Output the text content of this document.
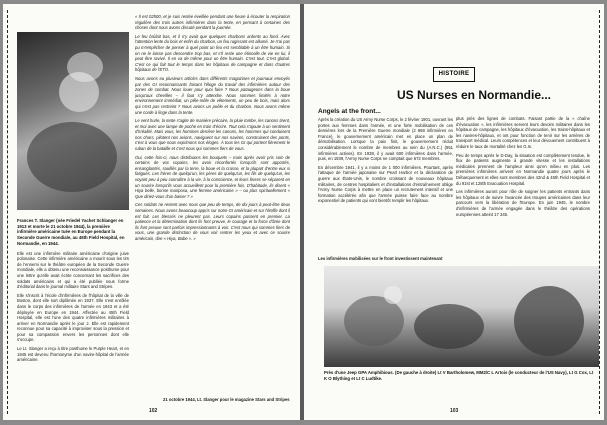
Frances T. Slanger (née Friedel Yachet Schlanger en 1913 et morte le 21 octobre 1944), la première infirmière américaine tuée en Europe pendant la Seconde Guerre mondiale, au 45th Field Hospital, en Normandie, en 1944.

Elle est une infirmière militaire américaine d'origine juive polonaise. Cette infirmière américaine a mourir sous les tirs de l'ennemi sur le théâtre européen de la Seconde Guerre mondiale, elle a obtenu une reconnaissance posthume pour une lettre qu'elle avait écrite concernant les sacrifices des soldats américains et qui a été publiée sous forme d'éditorial dans le journal militaire Stars and Stripes.

Elle s'inscrit à l'école d'infirmières de l'hôpital de la ville de Boston, dont elle sort diplômée en 1937. Elle s'est enrôlée dans le corps des infirmières de l'armée en 1943 et a été déployée en Europe en 1944. Affectée au 45th Field Hospital, elle est l'une des quatre infirmières militaires à arriver en Normandie après le jour J. Elle est rapidement reconnue pour sa capacité à improviser sous la pression et pour sa compassion envers les personnes dont elle s'occupe.

Le Lt. Slanger a reçu à titre posthume le Purple Heart, et en 1945 est devenu l'homonyme d'un navire-hôpital de l'armée américaine.

« Il est 02h00, et je suis restée éveillée pendant une heure à écouter la respiration régulière des trois autres infirmières dans la tente, en pensant à certaines des choses dont nous avons discuté pendant la journée.

Le feu brûlait bas, et il n'y avait que quelques charbons ardents au fond. Avec l'attention lente du bois et enfin du charbon, un feu rugissant est allumé. Je n'ai pas pu m'empêcher de penser à quel point un feu est semblable à un être humain. Si on ne le laisse pas descendre trop bas, et s'il reste une étincelle de vie en lui, il peut être ravivé. Il en va de même pour un être humain. C'est tout. C'est global. C'est ce qui fait tout le temps dans les hôpitaux de campagne et dans d'autres hôpitaux de l'ETO.

Nous avons eu plusieurs articles dans différents magazines et journaux envoyés par des GI reconnaissants faisant l'éloge du travail des infirmières autour des zones de combat. Nous louer pour quoi faire ? Nous pataugeons dans la boue jusqu'aux chevilles – il faut s'y attendre. Nous sommes limités à notre environnement immédiat, un pêle-mêle de vêtements, un peu de bois, mais alors qui n'est pas restreint ? Nous avons un poêle et du charbon. Nous avons même une corde à linge dans la tente.

Le vent hurle, la tente s'agite de manière précaire, la pluie tombe, les canons tirent, et moi avec une lampe de poche en train d'écrire. Tout cela s'ajoute à un sentiment d'irréalité. Mais vous, les hommes derrière les canons, les hommes qui conduisent nos chars, pilotent nos avions, naviguent sur nos navires, construisent des ponts, c'est à vous que nous exprimons nos éloges. À tous les GI qui portent fièrement le ruban de la bataille et c'est nous qui sommes fiers de vous.

Oui, cette fois-ci, nous distribuons les bouquets – mais après avoir pris soin de certains de vos copains, les avoir réconfortés lorsqu'ils sont apportés, ensanglantés, souillés par la terre, la boue et la crasse, et la plupart d'entre eux si fatigués. Les frères de quelqu'un, les pères de quelqu'un, les fils de quelqu'un, les voyant peu à peu connaître à la vie, à la conscience, et leurs lèvres se séparent en un sourire lorsqu'ils vous accueillent pour la première fois. D'habitude, ils disent « Hiya belle, bonne mariposa, une femme américaine » – ou plus spirituellement « Que diriez-vous d'un baiser ? »

Ces soldats ne restent avec nous que peu de temps, de dix jours à peut-être deux semaines. Nous avons beaucoup appris sur notre GI américain et sur l'étoffe dont il est fait. Les blessés ne pleurent pas. Leurs copains passent en premier. La patience et la détermination dont ils font preuve, le courage et la force d'âme dont ils font preuve sont parfois impressionnants à voir. C'est nous qui sommes fiers de vous, une grande distinction de vous voir rentrer les yeux et avec ce sourire américain, dire « Hiya, Babe ». »

21 octobre 1944, Lt. Slanger pour le magazine Stars and Stripes
102
HISTOIRE
US Nurses en Normandie...

Angels at the front...

Après la création du US Army Nurse Corps, le 2 février 1901, ouvrant les portes aux femmes dans l'armée, et une forte mobilisation de ces dernières lors de la Première Guerre mondiale (2 868 infirmières en France), le gouvernement américain met en place un plan de démobilisation. Lorsque la paix finit, le gouvernement réduit considérablement le nombre de membres au sein du (A.N.C.) (951 infirmières actives). En 1938, il y avait 600 infirmières dans l'armée, puis, en 1939, l'Army Nurse Corps ne comptait que 672 membres.

En décembre 1941, il y a moins de 1 000 infirmières. Pourtant, après l'attaque de l'armée japonaise sur Pearl Harbor et la déclaration de guerre aux États-Unis, le nombre croissant de nouveaux hôpitaux militaires, de centres hospitaliers et d'installations d'entraînement oblige l'Army Nurse Corps à mettre en place un recrutement intensif et une formation accélérée afin que l'armée puisse faire face au nombre exponentiel de patients qui vont bientôt remplir les hôpitaux.

plus près des lignes de combats. Faisant partie de la « chaîne d'évacuation », les infirmières servent leurs devoirs militaires dans les hôpitaux de campagne, les hôpitaux d'évacuation, les trains-hôpitaux et les navires-hôpitaux, et ont pour fonction de tenir sur les arrières de transport médical. Leurs compétences et leur dévouement contribuent à réduire le taux de mortalité chez les G.Is.

Peu de temps après le D-Day, la situation est complètement tendue, le flux de patients augmente à grande vitesse et les installations médicales prennent de l'ampleur ainsi qu'en milieu en plus. Les premières infirmières arrivent en Normandie quatre jours après le Débarquement et elles sont membres des 42nd & 45th Field Hospital et du 91st et 128th Evacuation Hospital.

Les infirmières auront pour rôle de soigner les patients entrants dans les hôpitaux et de suivre l'avancée des troupes américaines dans leur parcours vers la libération de l'Europe. En juin 1945, le nombre d'infirmières de l'armée engagée dans le théâtre des opérations européennes atteint 17 345.

Les infirmières mobilisées sur le front investissent maintenant
Près d'une Jeep GPA Amphibious. (De gauche à droite) Lt V Bartholomew, MM2/C L Artois (le conducteur de l'US Navy), Lt G Cox, Lt K O Blything et Lt C Ludtike.
103
